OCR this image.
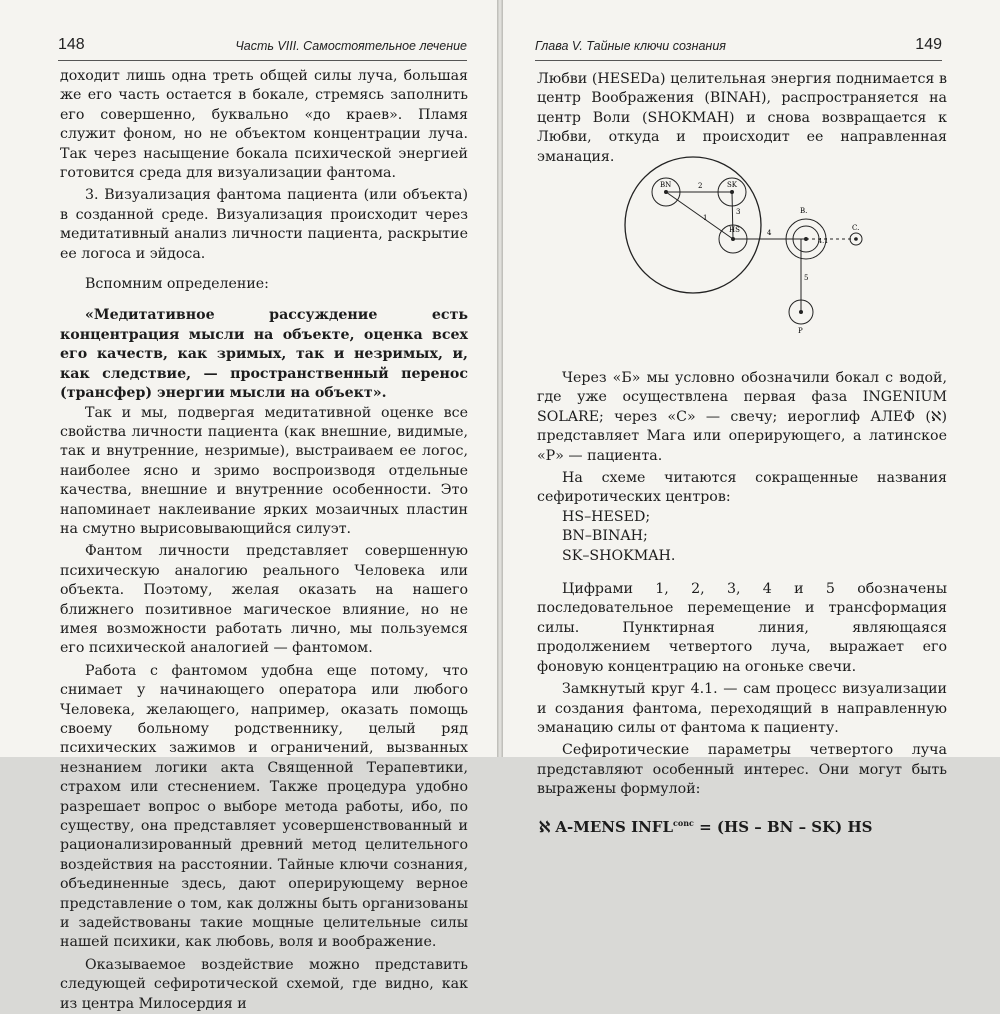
148	Часть VIII. Самостоятельное лечение

доходит лишь одна треть общей силы луча, большая же его часть остается в бокале, стремясь заполнить его совершенно, буквально «до краев». Пламя служит фоном, но не объектом концентрации луча. Так через насыщение бокала психической энергией готовится среда для визуализации фантома.

3. Визуализация фантома пациента (или объекта) в созданной среде. Визуализация происходит через медитативный анализ личности пациента, раскрытие ее логоса и эйдоса.

Вспомним определение:

«Медитативное рассуждение есть концентрация мысли на объекте, оценка всех его качеств, как зримых, так и незримых, и, как следствие, — пространственный перенос (трансфер) энергии мысли на объект».

Так и мы, подвергая медитативной оценке все свойства личности пациента (как внешние, видимые, так и внутренние, незримые), выстраиваем ее логос, наиболее ясно и зримо воспроизводя отдельные качества, внешние и внутренние особенности. Это напоминает наклеивание ярких мозаичных пластин на смутно вырисовывающийся силуэт.

Фантом личности представляет совершенную психическую аналогию реального Человека или объекта. Поэтому, желая оказать на нашего ближнего позитивное магическое влияние, но не имея возможности работать лично, мы пользуемся его психической аналогией — фантомом.

Работа с фантомом удобна еще потому, что снимает у начинающего оператора или любого Человека, желающего, например, оказать помощь своему больному родственнику, целый ряд психических зажимов и ограничений, вызванных незнанием логики акта Священной Терапевтики, страхом или стеснением. Также процедура удобно разрешает вопрос о выборе метода работы, ибо, по существу, она представляет усовершенствованный и рационализированный древний метод целительного воздействия на расстоянии. Тайные ключи сознания, объединенные здесь, дают оперирующему верное представление о том, как должны быть организованы и задействованы такие мощные целительные силы нашей психики, как любовь, воля и воображение.

Оказываемое воздействие можно представить следующей сефиротической схемой, где видно, как из центра Милосердия и

Глава V. Тайные ключи сознания	149

Любви (HESEDa) целительная энергия поднимается в центр Воображения (BINAH), распространяется на центр Воли (SHOKMAH) и снова возвращается к Любви, откуда и происходит ее направленная эманация.

BN	SK
HS
B.
4.1
C.
P
1
2
3
4
5

Через «Б» мы условно обозначили бокал с водой, где уже осуществлена первая фаза INGENIUM SOLARE; через «С» — свечу; иероглиф АЛЕФ (ℵ) представляет Мага или оперирующего, а латинское «Р» — пациента.

На схеме читаются сокращенные названия сефиротических центров:

HS–HESED;
BN–BINAH;
SK–SHOKMAH.

Цифрами 1, 2, 3, 4 и 5 обозначены последовательное перемещение и трансформация силы. Пунктирная линия, являющаяся продолжением четвертого луча, выражает его фоновую концентрацию на огоньке свечи.

Замкнутый круг 4.1. — сам процесс визуализации и создания фантома, переходящий в направленную эманацию силы от фантома к пациенту.

Сефиротические параметры четвертого луча представляют особенный интерес. Они могут быть выражены формулой:

ℵ A-MENS $INFL^{conc} = (HS$ – BN – SK) HS
